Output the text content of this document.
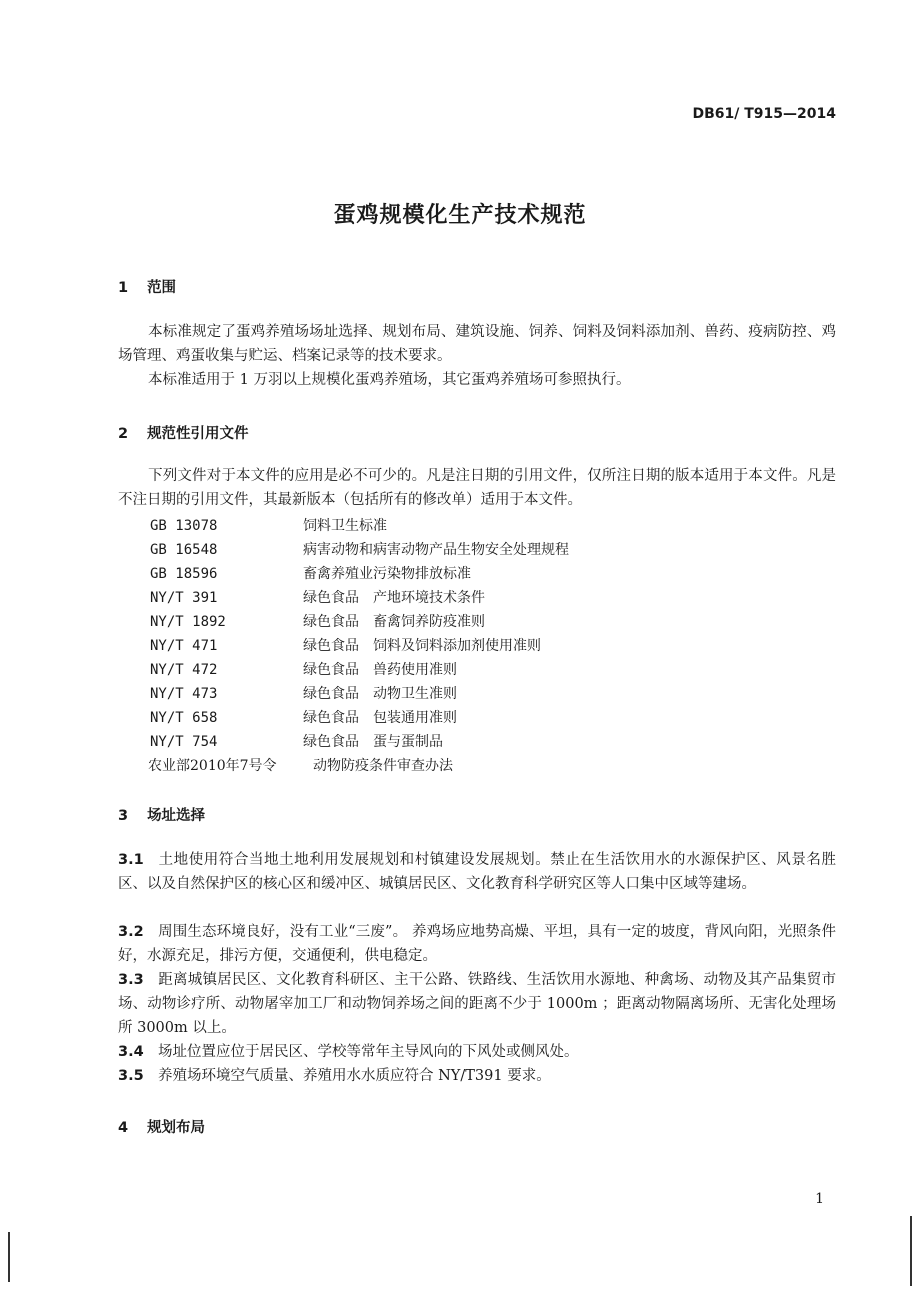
DB61/ T915—2014
蛋鸡规模化生产技术规范
1 范围
本标准规定了蛋鸡养殖场场址选择、规划布局、建筑设施、饲养、饲料及饲料添加剂、兽药、疫病防控、鸡场管理、鸡蛋收集与贮运、档案记录等的技术要求。
本标准适用于 1 万羽以上规模化蛋鸡养殖场，其它蛋鸡养殖场可参照执行。
2 规范性引用文件
下列文件对于本文件的应用是必不可少的。凡是注日期的引用文件，仅所注日期的版本适用于本文件。凡是不注日期的引用文件，其最新版本（包括所有的修改单）适用于本文件。
GB 13078	饲料卫生标准
GB 16548	病害动物和病害动物产品生物安全处理规程
GB 18596	畜禽养殖业污染物排放标准
NY/T 391	绿色食品　产地环境技术条件
NY/T 1892	绿色食品　畜禽饲养防疫准则
NY/T 471	绿色食品　饲料及饲料添加剂使用准则
NY/T 472	绿色食品　兽药使用准则
NY/T 473	绿色食品　动物卫生准则
NY/T 658	绿色食品　包装通用准则
NY/T 754	绿色食品　蛋与蛋制品
农业部2010年7号令	动物防疫条件审查办法
3 场址选择
3.1 土地使用符合当地土地利用发展规划和村镇建设发展规划。禁止在生活饮用水的水源保护区、风景名胜区、以及自然保护区的核心区和缓冲区、城镇居民区、文化教育科学研究区等人口集中区域等建场。
3.2 周围生态环境良好，没有工业“三废”。 养鸡场应地势高燥、平坦，具有一定的坡度，背风向阳，光照条件好，水源充足，排污方便，交通便利，供电稳定。
3.3 距离城镇居民区、文化教育科研区、主干公路、铁路线、生活饮用水源地、种禽场、动物及其产品集贸市场、动物诊疗所、动物屠宰加工厂和动物饲养场之间的距离不少于 1000m ；距离动物隔离场所、无害化处理场所 3000m 以上。
3.4 场址位置应位于居民区、学校等常年主导风向的下风处或侧风处。
3.5 养殖场环境空气质量、养殖用水水质应符合 NY/T391 要求。
4 规划布局
1
